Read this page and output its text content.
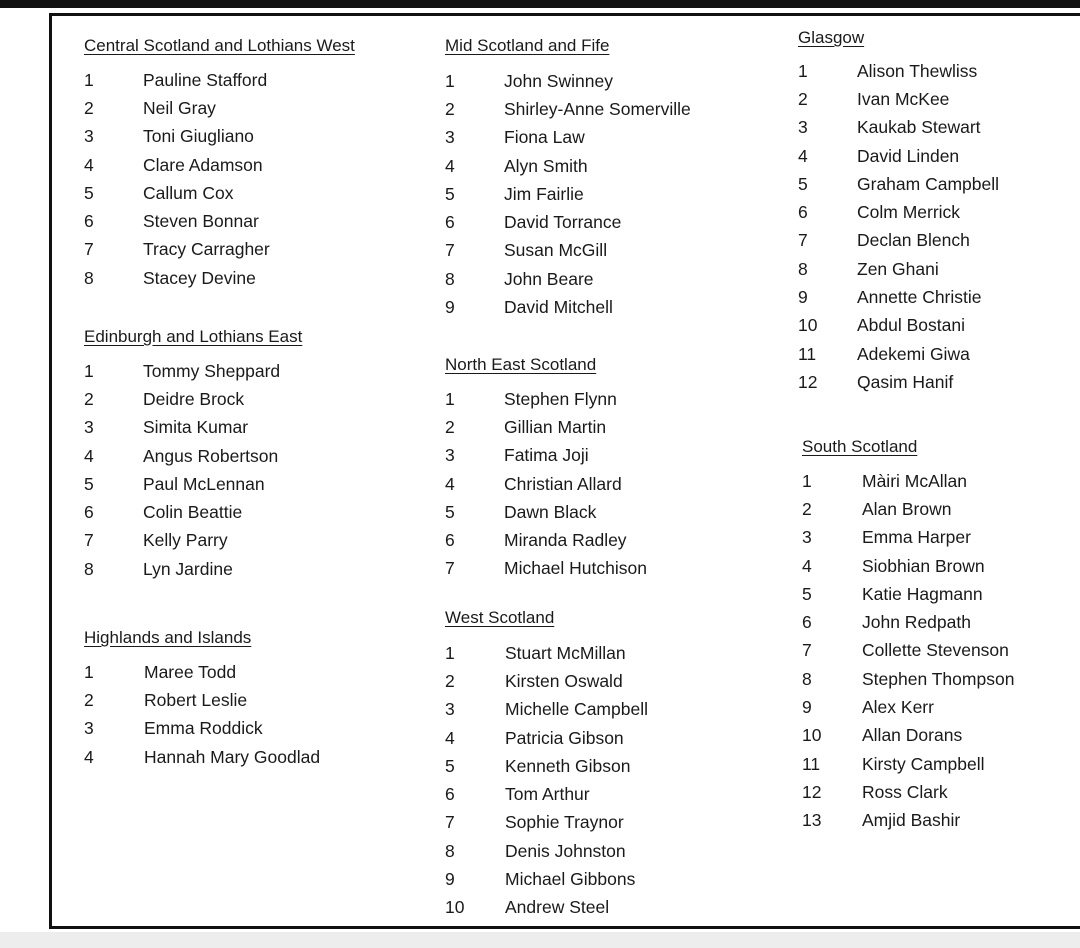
Central Scotland and Lothians West
1	Pauline Stafford
2	Neil Gray
3	Toni Giugliano
4	Clare Adamson
5	Callum Cox
6	Steven Bonnar
7	Tracy Carragher
8	Stacey Devine
Edinburgh and Lothians East
1	Tommy Sheppard
2	Deidre Brock
3	Simita Kumar
4	Angus Robertson
5	Paul McLennan
6	Colin Beattie
7	Kelly Parry
8	Lyn Jardine
Highlands and Islands
1	Maree Todd
2	Robert Leslie
3	Emma Roddick
4	Hannah Mary Goodlad
Mid Scotland and Fife
1	John Swinney
2	Shirley-Anne Somerville
3	Fiona Law
4	Alyn Smith
5	Jim Fairlie
6	David Torrance
7	Susan McGill
8	John Beare
9	David Mitchell
North East Scotland
1	Stephen Flynn
2	Gillian Martin
3	Fatima Joji
4	Christian Allard
5	Dawn Black
6	Miranda Radley
7	Michael Hutchison
West Scotland
1	Stuart McMillan
2	Kirsten Oswald
3	Michelle Campbell
4	Patricia Gibson
5	Kenneth Gibson
6	Tom Arthur
7	Sophie Traynor
8	Denis Johnston
9	Michael Gibbons
10	Andrew Steel
Glasgow
1	Alison Thewliss
2	Ivan McKee
3	Kaukab Stewart
4	David Linden
5	Graham Campbell
6	Colm Merrick
7	Declan Blench
8	Zen Ghani
9	Annette Christie
10	Abdul Bostani
11	Adekemi Giwa
12	Qasim Hanif
South Scotland
1	Màiri McAllan
2	Alan Brown
3	Emma Harper
4	Siobhian Brown
5	Katie Hagmann
6	John Redpath
7	Collette Stevenson
8	Stephen Thompson
9	Alex Kerr
10	Allan Dorans
11	Kirsty Campbell
12	Ross Clark
13	Amjid Bashir
